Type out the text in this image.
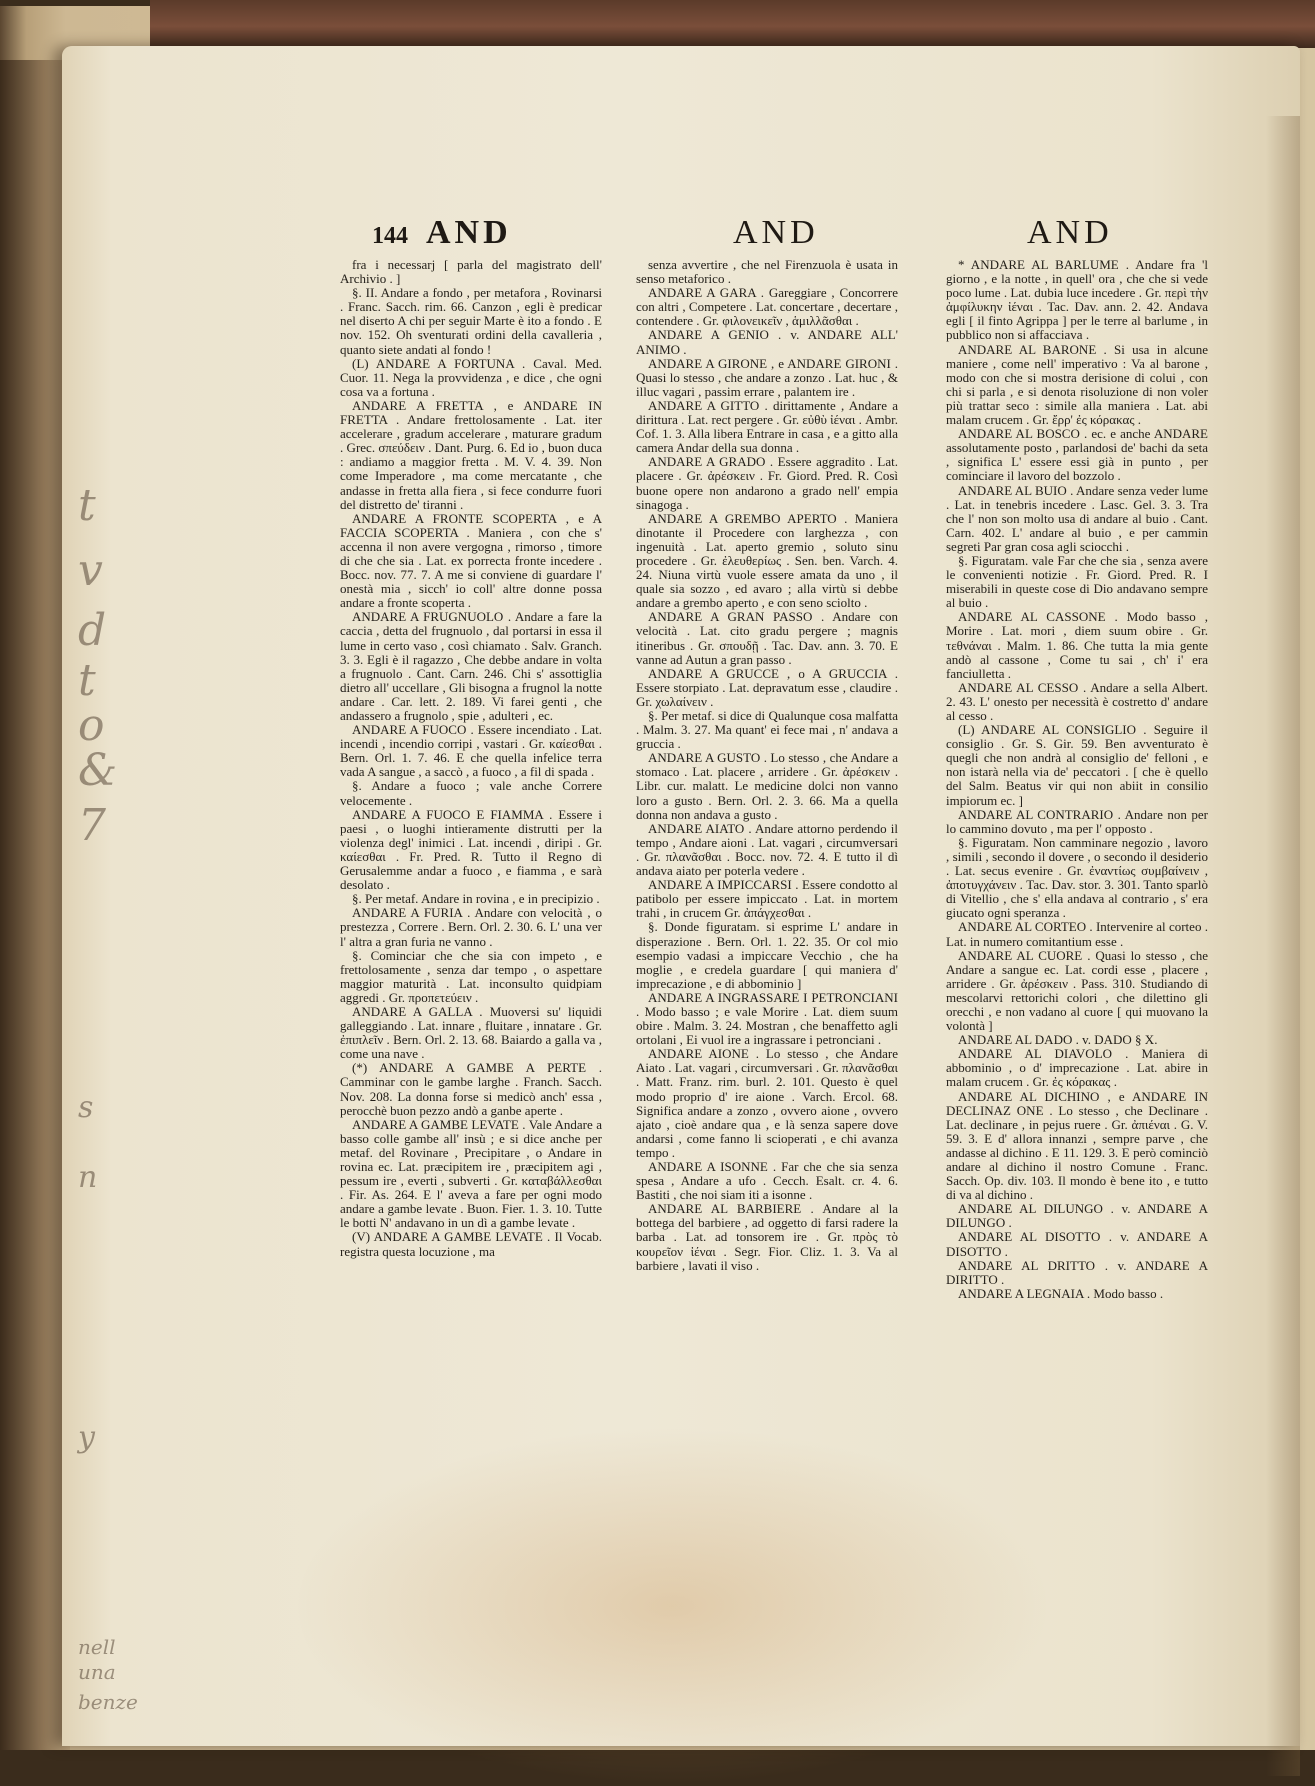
t
v
d
t
o
&
7
s
n
y
nell
una
benze
144 AND	AND	AND

fra i necessarj [ parla del magistrato dell' Archivio . ]

§. II. Andare a fondo , per metafora , Rovinarsi . Franc. Sacch. rim. 66. Canzon , egli è predicar nel diserto A chi per seguir Marte è ito a fondo . E nov. 152. Oh sventurati ordini della cavalleria , quanto siete andati al fondo !

(L) ANDARE A FORTUNA . Caval. Med. Cuor. 11. Nega la provvidenza , e dice , che ogni cosa va a fortuna .

ANDARE A FRETTA , e ANDARE IN FRETTA . Andare frettolosamente . Lat. iter accelerare , gradum accelerare , maturare gradum . Grec. σπεύδειν . Dant. Purg. 6. Ed io , buon duca : andiamo a maggior fretta . M. V. 4. 39. Non come Imperadore , ma come mercatante , che andasse in fretta alla fiera , si fece condurre fuori del distretto de' tiranni .

ANDARE A FRONTE SCOPERTA , e A FACCIA SCOPERTA . Maniera , con che s' accenna il non avere vergogna , rimorso , timore di che che sia . Lat. ex porrecta fronte incedere . Bocc. nov. 77. 7. A me si conviene di guardare l' onestà mia , sicch' io coll' altre donne possa andare a fronte scoperta .

ANDARE A FRUGNUOLO . Andare a fare la caccia , detta del frugnuolo , dal portarsi in essa il lume in certo vaso , così chiamato . Salv. Granch. 3. 3. Egli è il ragazzo , Che debbe andare in volta a frugnuolo . Cant. Carn. 246. Chi s' assottiglia dietro all' uccellare , Gli bisogna a frugnol la notte andare . Car. lett. 2. 189. Vi farei genti , che andassero a frugnolo , spie , adulteri , ec.

ANDARE A FUOCO . Essere incendiato . Lat. incendi , incendio corripi , vastari . Gr. καίεσθαι . Bern. Orl. 1. 7. 46. E che quella infelice terra vada A sangue , a saccò , a fuoco , a fil di spada .

§. Andare a fuoco ; vale anche Correre velocemente .

ANDARE A FUOCO E FIAMMA . Essere i paesi , o luoghi intieramente distrutti per la violenza degl' inimici . Lat. incendi , diripi . Gr. καίεσθαι . Fr. Pred. R. Tutto il Regno di Gerusalemme andar a fuoco , e fiamma , e sarà desolato .

§. Per metaf. Andare in rovina , e in precipizio .

ANDARE A FURIA . Andare con velocità , o prestezza , Correre . Bern. Orl. 2. 30. 6. L' una ver l' altra a gran furia ne vanno .

§. Cominciar che che sia con impeto , e frettolosamente , senza dar tempo , o aspettare maggior maturità . Lat. inconsulto quidpiam aggredi . Gr. προπετεύειν .

ANDARE A GALLA . Muoversi su' liquidi galleggiando . Lat. innare , fluitare , innatare . Gr. ἐπιπλεῖν . Bern. Orl. 2. 13. 68. Baiardo a galla va , come una nave .

(*) ANDARE A GAMBE A PERTE . Camminar con le gambe larghe . Franch. Sacch. Nov. 208. La donna forse si medicò anch' essa , perocchè buon pezzo andò a ganbe aperte .

ANDARE A GAMBE LEVATE . Vale Andare a basso colle gambe all' insù ; e si dice anche per metaf. del Rovinare , Precipitare , o Andare in rovina ec. Lat. præcipitem ire , præcipitem agi , pessum ire , everti , subverti . Gr. καταβάλλεσθαι . Fir. As. 264. E l' aveva a fare per ogni modo andare a gambe levate . Buon. Fier. 1. 3. 10. Tutte le botti N' andavano in un dì a gambe levate .

(V) ANDARE A GAMBE LEVATE . Il Vocab. registra questa locuzione , ma

senza avvertire , che nel Firenzuola è usata in senso metaforico .

ANDARE A GARA . Gareggiare , Concorrere con altri , Competere . Lat. concertare , decertare , contendere . Gr. φιλονεικεῖν , ἁμιλλᾶσθαι .

ANDARE A GENIO . v. ANDARE ALL' ANIMO .

ANDARE A GIRONE , e ANDARE GIRONI . Quasi lo stesso , che andare a zonzo . Lat. huc , & illuc vagari , passim errare , palantem ire .

ANDARE A GITTO . dirittamente , Andare a dirittura . Lat. rect pergere . Gr. εὐθὺ ἰέναι . Ambr. Cof. 1. 3. Alla libera Entrare in casa , e a gitto alla camera Andar della sua donna .

ANDARE A GRADO . Essere aggradito . Lat. placere . Gr. ἀρέσκειν . Fr. Giord. Pred. R. Così buone opere non andarono a grado nell' empia sinagoga .

ANDARE A GREMBO APERTO . Maniera dinotante il Procedere con larghezza , con ingenuità . Lat. aperto gremio , soluto sinu procedere . Gr. ἐλευθερίως . Sen. ben. Varch. 4. 24. Niuna virtù vuole essere amata da uno , il quale sia sozzo , ed avaro ; alla virtù si debbe andare a grembo aperto , e con seno sciolto .

ANDARE A GRAN PASSO . Andare con velocità . Lat. cito gradu pergere ; magnis itineribus . Gr. σπουδῇ . Tac. Dav. ann. 3. 70. E vanne ad Autun a gran passo .

ANDARE A GRUCCE , o A GRUCCIA . Essere storpiato . Lat. depravatum esse , claudire . Gr. χωλαίνειν .

§. Per metaf. si dice di Qualunque cosa malfatta . Malm. 3. 27. Ma quant' ei fece mai , n' andava a gruccia .

ANDARE A GUSTO . Lo stesso , che Andare a stomaco . Lat. placere , arridere . Gr. ἀρέσκειν . Libr. cur. malatt. Le medicine dolci non vanno loro a gusto . Bern. Orl. 2. 3. 66. Ma a quella donna non andava a gusto .

ANDARE AIATO . Andare attorno perdendo il tempo , Andare aioni . Lat. vagari , circumversari . Gr. πλανᾶσθαι . Bocc. nov. 72. 4. E tutto il dì andava aiato per poterla vedere .

ANDARE A IMPICCARSI . Essere condotto al patibolo per essere impiccato . Lat. in mortem trahi , in crucem Gr. ἀπάγχεσθαι .

§. Donde figuratam. si esprime L' andare in disperazione . Bern. Orl. 1. 22. 35. Or col mio esempio vadasi a impiccare Vecchio , che ha moglie , e credela guardare [ qui maniera d' imprecazione , e di abbominio ]

ANDARE A INGRASSARE I PETRONCIANI . Modo basso ; e vale Morire . Lat. diem suum obire . Malm. 3. 24. Mostran , che benaffetto agli ortolani , Ei vuol ire a ingrassare i petronciani .

ANDARE AIONE . Lo stesso , che Andare Aiato . Lat. vagari , circumversari . Gr. πλανᾶσθαι . Matt. Franz. rim. burl. 2. 101. Questo è quel modo proprio d' ire aione . Varch. Ercol. 68. Significa andare a zonzo , ovvero aione , ovvero ajato , cioè andare qua , e là senza sapere dove andarsi , come fanno li scioperati , e chi avanza tempo .

ANDARE A ISONNE . Far che che sia senza spesa , Andare a ufo . Cecch. Esalt. cr. 4. 6. Bastiti , che noi siam iti a isonne .

ANDARE AL BARBIERE . Andare al la bottega del barbiere , ad oggetto di farsi radere la barba . Lat. ad tonsorem ire . Gr. πρὸς τὸ κουρεῖον ἰέναι . Segr. Fior. Cliz. 1. 3. Va al barbiere , lavati il viso .

* ANDARE AL BARLUME . Andare fra 'l giorno , e la notte , in quell' ora , che che si vede poco lume . Lat. dubia luce incedere . Gr. περὶ τὴν ἀμφίλυκην ἰέναι . Tac. Dav. ann. 2. 42. Andava egli [ il finto Agrippa ] per le terre al barlume , in pubblico non si affacciava .

ANDARE AL BARONE . Si usa in alcune maniere , come nell' imperativo : Va al barone , modo con che si mostra derisione di colui , con chi si parla , e si denota risoluzione di non voler più trattar seco : simile alla maniera . Lat. abi malam crucem . Gr. ἔρρ' ἐς κόρακας .

ANDARE AL BOSCO . ec. e anche ANDARE assolutamente posto , parlandosi de' bachi da seta , significa L' essere essi già in punto , per cominciare il lavoro del bozzolo .

ANDARE AL BUIO . Andare senza veder lume . Lat. in tenebris incedere . Lasc. Gel. 3. 3. Tra che l' non son molto usa di andare al buio . Cant. Carn. 402. L' andare al buio , e per cammin segreti Par gran cosa agli sciocchi .

§. Figuratam. vale Far che che sia , senza avere le convenienti notizie . Fr. Giord. Pred. R. I miserabili in queste cose di Dio andavano sempre al buio .

ANDARE AL CASSONE . Modo basso , Morire . Lat. mori , diem suum obire . Gr. τεθνάναι . Malm. 1. 86. Che tutta la mia gente andò al cassone , Come tu sai , ch' i' era fanciulletta .

ANDARE AL CESSO . Andare a sella Albert. 2. 43. L' onesto per necessità è costretto d' andare al cesso .

(L) ANDARE AL CONSIGLIO . Seguire il consiglio . Gr. S. Gir. 59. Ben avventurato è quegli che non andrà al consiglio de' felloni , e non istarà nella via de' peccatori . [ che è quello del Salm. Beatus vir qui non abiit in consilio impiorum ec. ]

ANDARE AL CONTRARIO . Andare non per lo cammino dovuto , ma per l' opposto .

§. Figuratam. Non camminare negozio , lavoro , simili , secondo il dovere , o secondo il desiderio . Lat. secus evenire . Gr. ἐναντίως συμβαίνειν , ἀποτυγχάνειν . Tac. Dav. stor. 3. 301. Tanto sparlò di Vitellio , che s' ella andava al contrario , s' era giucato ogni speranza .

ANDARE AL CORTEO . Intervenire al corteo . Lat. in numero comitantium esse .

ANDARE AL CUORE . Quasi lo stesso , che Andare a sangue ec. Lat. cordi esse , placere , arridere . Gr. ἀρέσκειν . Pass. 310. Studiando di mescolarvi rettorichi colori , che dilettino gli orecchi , e non vadano al cuore [ qui muovano la volontà ]

ANDARE AL DADO . v. DADO § X.

ANDARE AL DIAVOLO . Maniera di abbominio , o d' imprecazione . Lat. abire in malam crucem . Gr. ἐς κόρακας .

ANDARE AL DICHINO , e ANDARE IN DECLINAZ ONE . Lo stesso , che Declinare . Lat. declinare , in pejus ruere . Gr. ἀπιέναι . G. V. 59. 3. E d' allora innanzi , sempre parve , che andasse al dichino . E 11. 129. 3. E però cominciò andare al dichino il nostro Comune . Franc. Sacch. Op. div. 103. Il mondo è bene ito , e tutto di va al dichino .

ANDARE AL DILUNGO . v. ANDARE A DILUNGO .

ANDARE AL DISOTTO . v. ANDARE A DISOTTO .

ANDARE AL DRITTO . v. ANDARE A DIRITTO .

ANDARE A LEGNAIA . Modo basso .
